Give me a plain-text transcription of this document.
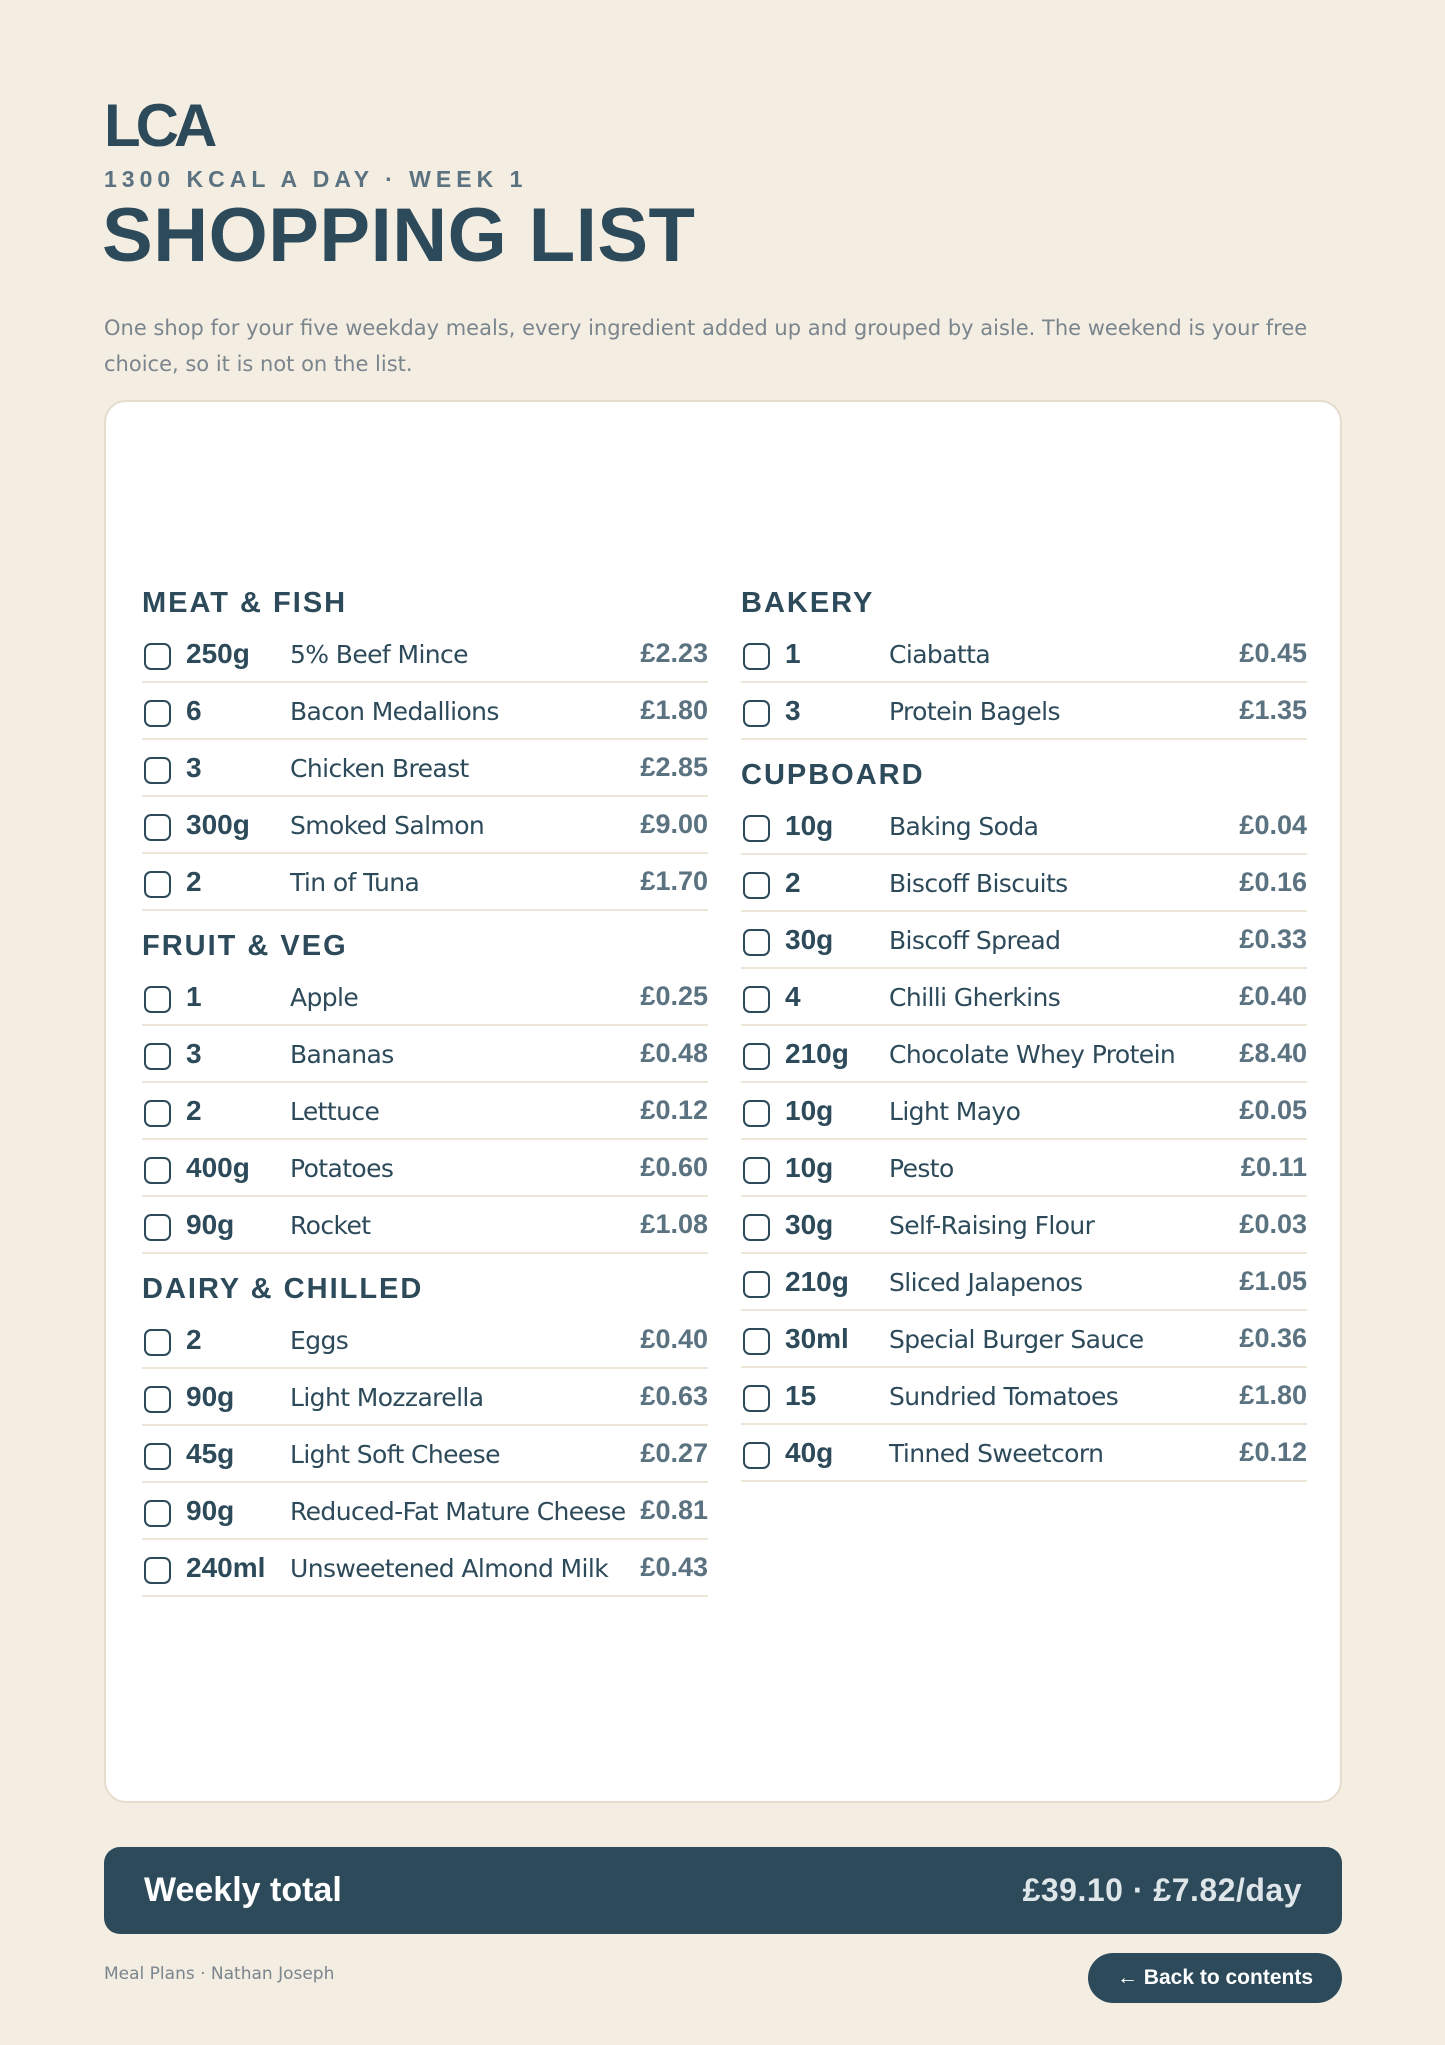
LCA
1300 KCAL A DAY · WEEK 1
SHOPPING LIST

One shop for your five weekday meals, every ingredient added up and grouped by aisle. The weekend is your free choice, so it is not on the list.

MEAT & FISH
250g 5% Beef Mince	£2.23
6	Bacon Medallions	£1.80
3	Chicken Breast	£2.85
300g Smoked Salmon	£9.00
2	Tin of Tuna	£1.70
FRUIT & VEG
1	Apple	£0.25
3	Bananas	£0.48
2	Lettuce	£0.12
400g Potatoes	£0.60
90g Rocket	£1.08
DAIRY & CHILLED
2	Eggs	£0.40
90g Light Mozzarella	£0.63
45g Light Soft Cheese	£0.27
90g Reduced-Fat Mature Cheese £0.81
240ml Unsweetened Almond Milk £0.43
BAKERY
1	Ciabatta	£0.45
3	Protein Bagels	£1.35
CUPBOARD
10g Baking Soda	£0.04
2	Biscoff Biscuits	£0.16
30g Biscoff Spread	£0.33
4	Chilli Gherkins	£0.40
210g Chocolate Whey Protein £8.40
10g Light Mayo	£0.05
10g Pesto	£0.11
30g Self-Raising Flour	£0.03
210g Sliced Jalapenos	£1.05
30ml Special Burger Sauce	£0.36
15	Sundried Tomatoes	£1.80
40g Tinned Sweetcorn	£0.12
Weekly total	£39.10 · £7.82/day
Meal Plans · Nathan Joseph	← Back to contents
